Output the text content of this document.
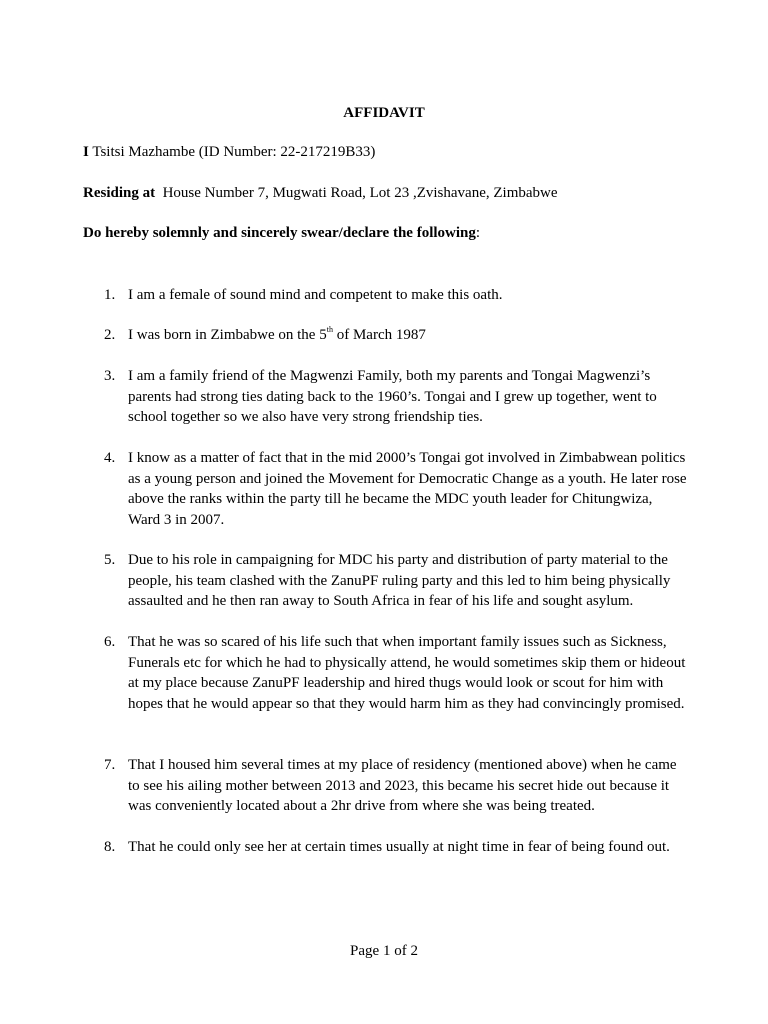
AFFIDAVIT
I Tsitsi Mazhambe (ID Number: 22-217219B33)
Residing at House Number 7, Mugwati Road, Lot 23 ,Zvishavane, Zimbabwe
Do hereby solemnly and sincerely swear/declare the following:
1. I am a female of sound mind and competent to make this oath.
2. I was born in Zimbabwe on the 5th of March 1987
3. I am a family friend of the Magwenzi Family, both my parents and Tongai Magwenzi’s parents had strong ties dating back to the 1960’s. Tongai and I grew up together, went to school together so we also have very strong friendship ties.
4. I know as a matter of fact that in the mid 2000’s Tongai got involved in Zimbabwean politics as a young person and joined the Movement for Democratic Change as a youth. He later rose above the ranks within the party till he became the MDC youth leader for Chitungwiza, Ward 3 in 2007.
5. Due to his role in campaigning for MDC his party and distribution of party material to the people, his team clashed with the ZanuPF ruling party and this led to him being physically assaulted and he then ran away to South Africa in fear of his life and sought asylum.
6. That he was so scared of his life such that when important family issues such as Sickness, Funerals etc for which he had to physically attend, he would sometimes skip them or hideout at my place because ZanuPF leadership and hired thugs would look or scout for him with hopes that he would appear so that they would harm him as they had convincingly promised.
7. That I housed him several times at my place of residency (mentioned above) when he came to see his ailing mother between 2013 and 2023, this became his secret hide out because it was conveniently located about a 2hr drive from where she was being treated.
8. That he could only see her at certain times usually at night time in fear of being found out.
Page 1 of 2
